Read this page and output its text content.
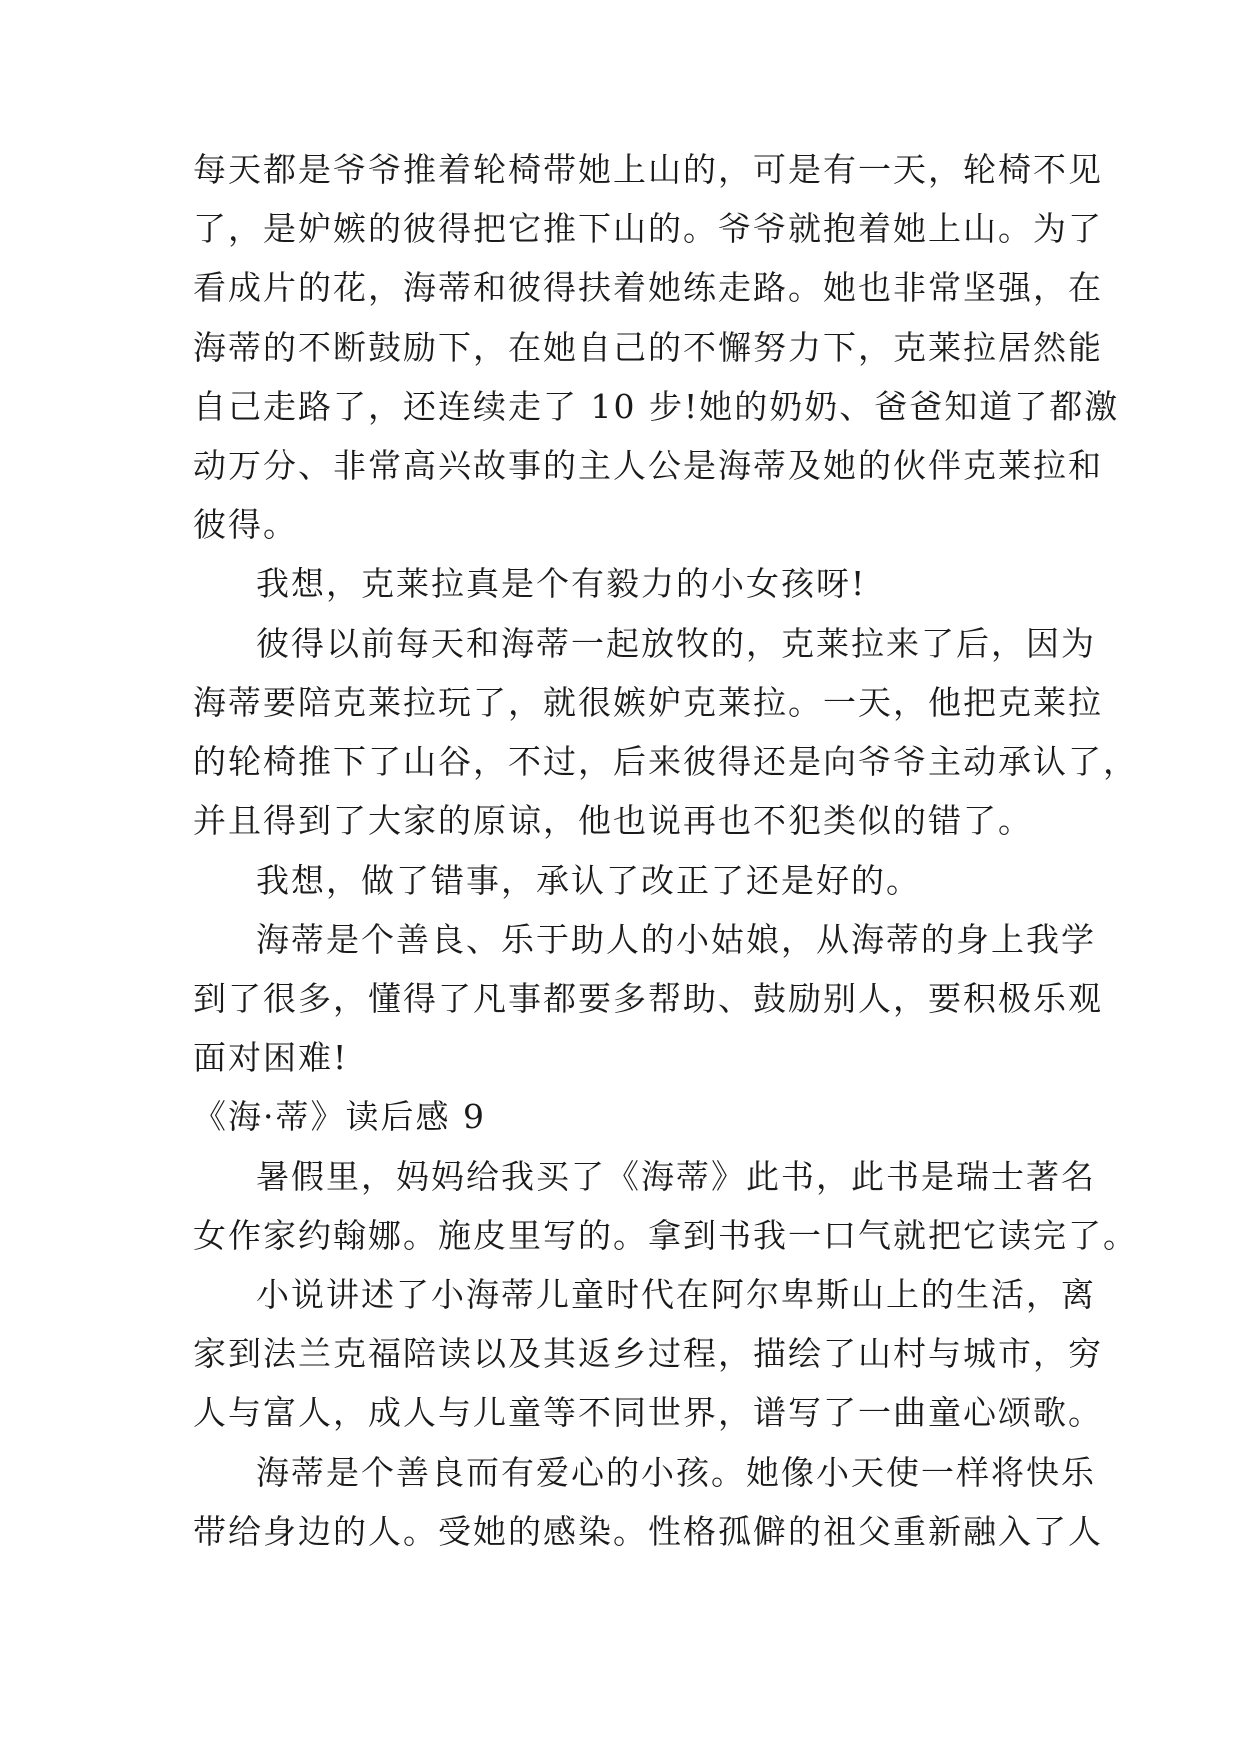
每天都是爷爷推着轮椅带她上山的，可是有一天，轮椅不见
了，是妒嫉的彼得把它推下山的。爷爷就抱着她上山。为了
看成片的花，海蒂和彼得扶着她练走路。她也非常坚强，在
海蒂的不断鼓励下，在她自己的不懈努力下，克莱拉居然能
自己走路了，还连续走了 10 步!她的奶奶、爸爸知道了都激
动万分、非常高兴故事的主人公是海蒂及她的伙伴克莱拉和
彼得。
我想，克莱拉真是个有毅力的小女孩呀!
彼得以前每天和海蒂一起放牧的，克莱拉来了后，因为
海蒂要陪克莱拉玩了，就很嫉妒克莱拉。一天，他把克莱拉
的轮椅推下了山谷，不过，后来彼得还是向爷爷主动承认了，
并且得到了大家的原谅，他也说再也不犯类似的错了。
我想，做了错事，承认了改正了还是好的。
海蒂是个善良、乐于助人的小姑娘，从海蒂的身上我学
到了很多，懂得了凡事都要多帮助、鼓励别人，要积极乐观
面对困难!
《海·蒂》读后感 9
暑假里，妈妈给我买了《海蒂》此书，此书是瑞士著名
女作家约翰娜。施皮里写的。拿到书我一口气就把它读完了。
小说讲述了小海蒂儿童时代在阿尔卑斯山上的生活，离
家到法兰克福陪读以及其返乡过程，描绘了山村与城市，穷
人与富人，成人与儿童等不同世界，谱写了一曲童心颂歌。
海蒂是个善良而有爱心的小孩。她像小天使一样将快乐
带给身边的人。受她的感染。性格孤僻的祖父重新融入了人
